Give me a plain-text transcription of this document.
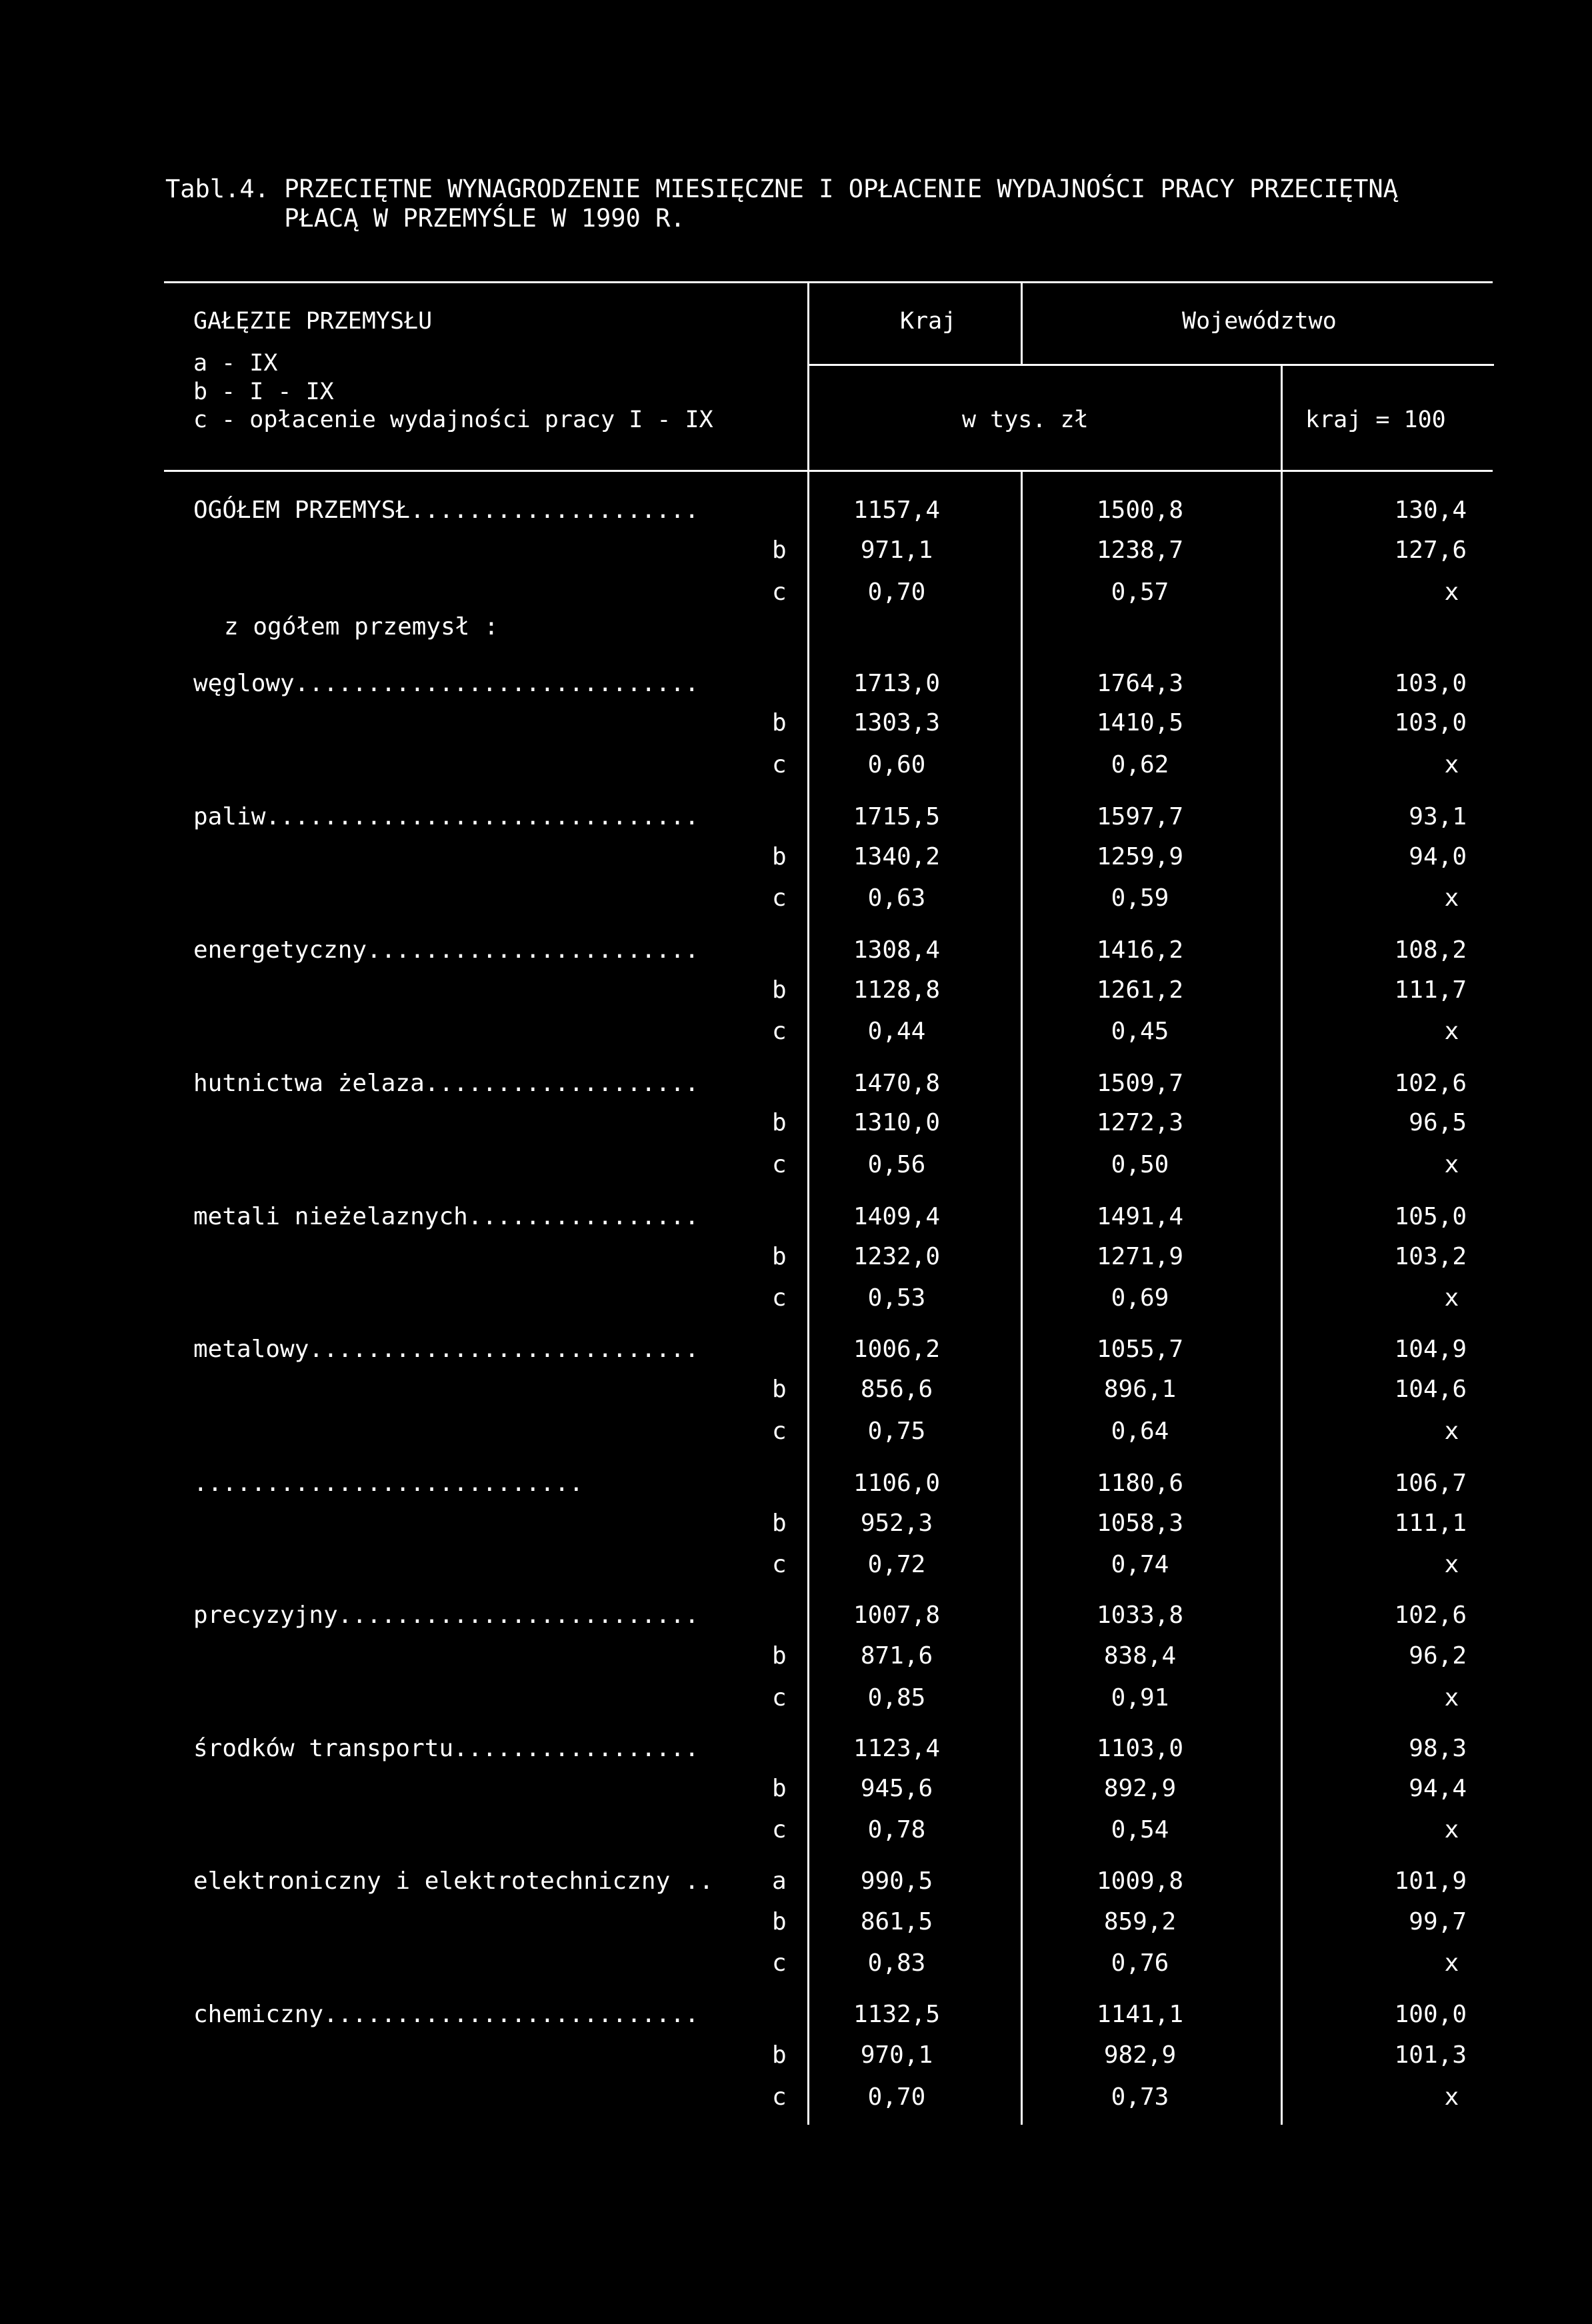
Tabl.4. PRZECIĘTNE WYNAGRODZENIE MIESIĘCZNE I OPŁACENIE WYDAJNOŚCI PRACY PRZECIĘTNĄ
PŁACĄ W PRZEMYŚLE W 1990 R.
GAŁĘZIE PRZEMYSŁU
a - IX
b - I - IX
c - opłacenie wydajności pracy I - IX
Kraj	Województwo
w tys. zł	kraj = 100
z ogółem przemysł :
OGÓŁEM PRZEMYSŁ....................	1157,4	1500,8	130,4
b	971,1	1238,7	127,6
c	0,70	0,57	x
węglowy............................	1713,0	1764,3	103,0
b	1303,3	1410,5	103,0
c	0,60	0,62	x
paliw..............................	1715,5	1597,7	93,1
b	1340,2	1259,9	94,0
c	0,63	0,59	x
energetyczny.......................	1308,4	1416,2	108,2
b	1128,8	1261,2	111,7
c	0,44	0,45	x
hutnictwa żelaza...................	1470,8	1509,7	102,6
b	1310,0	1272,3	96,5
c	0,56	0,50	x
metali nieżelaznych................	1409,4	1491,4	105,0
b	1232,0	1271,9	103,2
c	0,53	0,69	x
metalowy...........................	1006,2	1055,7	104,9
b	856,6	896,1	104,6
c	0,75	0,64	x
...........................	1106,0	1180,6	106,7
b	952,3	1058,3	111,1
c	0,72	0,74	x
precyzyjny.........................	1007,8	1033,8	102,6
b	871,6	838,4	96,2
c	0,85	0,91	x
środków transportu.................	1123,4	1103,0	98,3
b	945,6	892,9	94,4
c	0,78	0,54	x
elektroniczny i elektrotechniczny .. a	990,5	1009,8	101,9
b	861,5	859,2	99,7
c	0,83	0,76	x
chemiczny..........................	1132,5	1141,1	100,0
b	970,1	982,9	101,3
c	0,70	0,73	x
